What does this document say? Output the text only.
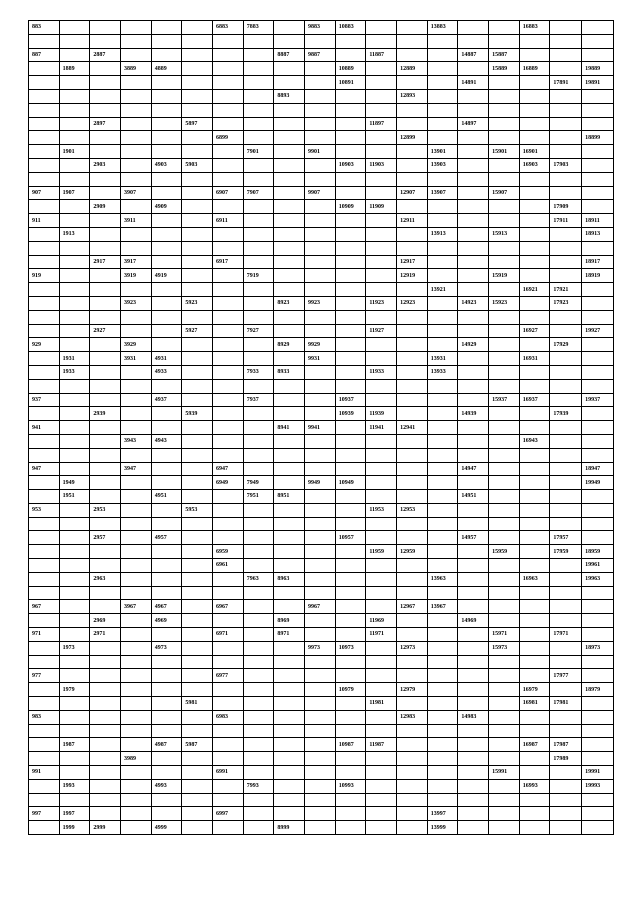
883						6883	7883		9883	10883			13883			16883		

887		2887						8887	9887		11887			14887	15887			
	1889		3889	4889						10889		12889			15889	16889		19889
										10891				14891			17891	19891
								8893				12893						

		2897			5897						11897			14897				
						6899						12899						18899
	1901						7901		9901				13901		15901	16901		
		2903		4903	5903					10903	11903		13903			16903	17903	

907	1907		3907			6907	7907		9907			12907	13907		15907			
		2909		4909						10909	11909						17909	
911			3911			6911						12911					17911	18911
	1913												13913		15913			18913

		2917	3917			6917						12917						18917
919			3919	4919			7919					12919			15919			18919
													13921			16921	17921	
			3923		5923			8923	9923		11923	12923		14923	15923		17923	

		2927			5927		7927				11927					16927		19927
929			3929					8929	9929					14929			17929	
	1931		3931	4931					9931				13931			16931		
	1933			4933			7933	8933			11933		13933					

937				4937			7937			10937					15937	16937		19937
		2939			5939					10939	11939			14939			17939	
941								8941	9941		11941	12941						
			3943	4943												16943		

947			3947			6947								14947				18947
	1949					6949	7949		9949	10949								19949
	1951			4951			7951	8951						14951				
953		2953			5953						11953	12953						

		2957		4957						10957				14957			17957	
						6959					11959	12959			15959		17959	18959
						6961												19961
		2963					7963	8963					13963			16963		19963

967			3967	4967		6967			9967			12967	13967					
		2969		4969				8969			11969			14969				
971		2971				6971		8971			11971				15971		17971	
	1973			4973					9973	10973		12973			15973			18973

977						6977											17977	
	1979									10979		12979				16979		18979
					5981						11981					16981	17981	
983						6983						12983		14983				

	1987			4987	5987					10987	11987					16987	17987	
			3989														17989	
991						6991									15991			19991
	1993			4993			7993			10993						16993		19993

997	1997					6997							13997					
	1999	2999		4999				8999					13999					
